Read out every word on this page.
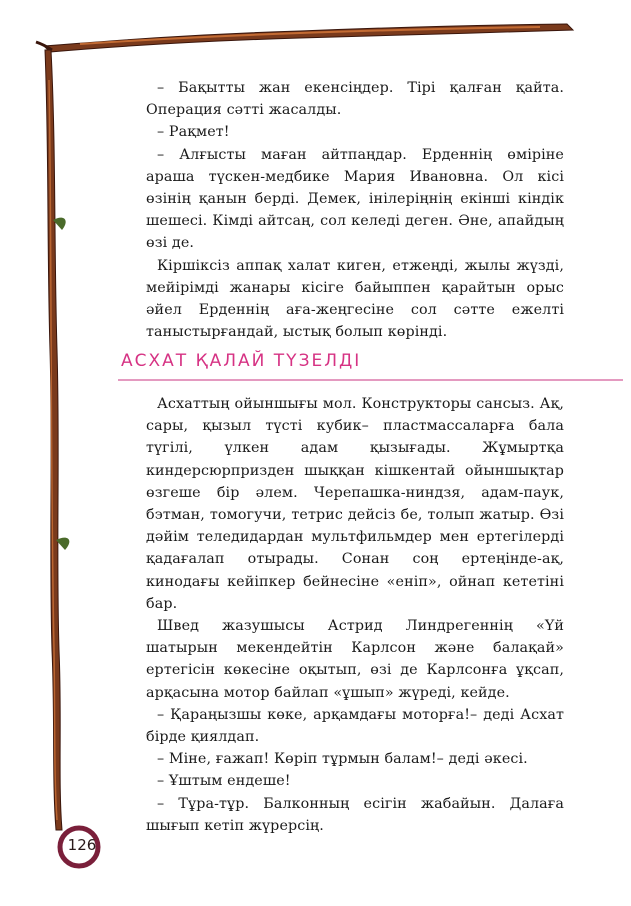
– Бақытты жан екенсіңдер. Тірі қалған қайта. Операция сәтті жасалды.

– Рақмет!

– Алғысты маған айтпаңдар. Ерденнің өміріне араша түскен-медбике Мария Ивановна. Ол кісі өзінің қанын берді. Демек, інілеріңнің екінші кіндік шешесі. Кімді айтсаң, сол келеді деген. Әне, апайдың өзі де.

Кіршіксіз аппақ халат киген, етжеңді, жылы жүзді, мейірімді жанары кісіге байыппен қарайтын орыс әйел Ерденнің аға-жеңгесіне сол сәтте ежелті таныстырғандай, ыстық болып көрінді.

АСХАТ ҚАЛАЙ ТҮЗЕЛДІ

Асхаттың ойыншығы мол. Конструкторы сансыз. Ақ, сары, қызыл түсті кубик– пластмассаларға бала түгілі, үлкен адам қызығады. Жұмыртқа киндерсюрпризден шыққан кішкентай ойыншықтар өзгеше бір әлем. Черепашка-ниндзя, адам-паук, бэтман, томогучи, тетрис дейсіз бе, толып жатыр. Өзі дәйім теледидардан мультфильмдер мен ертегілерді қадағалап отырады. Сонан соң ертеңінде-ақ, кинодағы кейіпкер бейнесіне «еніп», ойнап кететіні бар.

Швед жазушысы Астрид Линдрегеннің «Үй шатырын мекендейтін Карлсон және балақай» ертегісін көкесіне оқытып, өзі де Карлсонға ұқсап, арқасына мотор байлап «ұшып» жүреді, кейде.

– Қараңызшы көке, арқамдағы моторға!– деді Асхат бірде қиялдап.

– Міне, ғажап! Көріп тұрмын балам!– деді әкесі.

– Ұштым ендеше!

– Тұра-тұр. Балконның есігін жабайын. Далаға шығып кетіп жүрерсің.

126
